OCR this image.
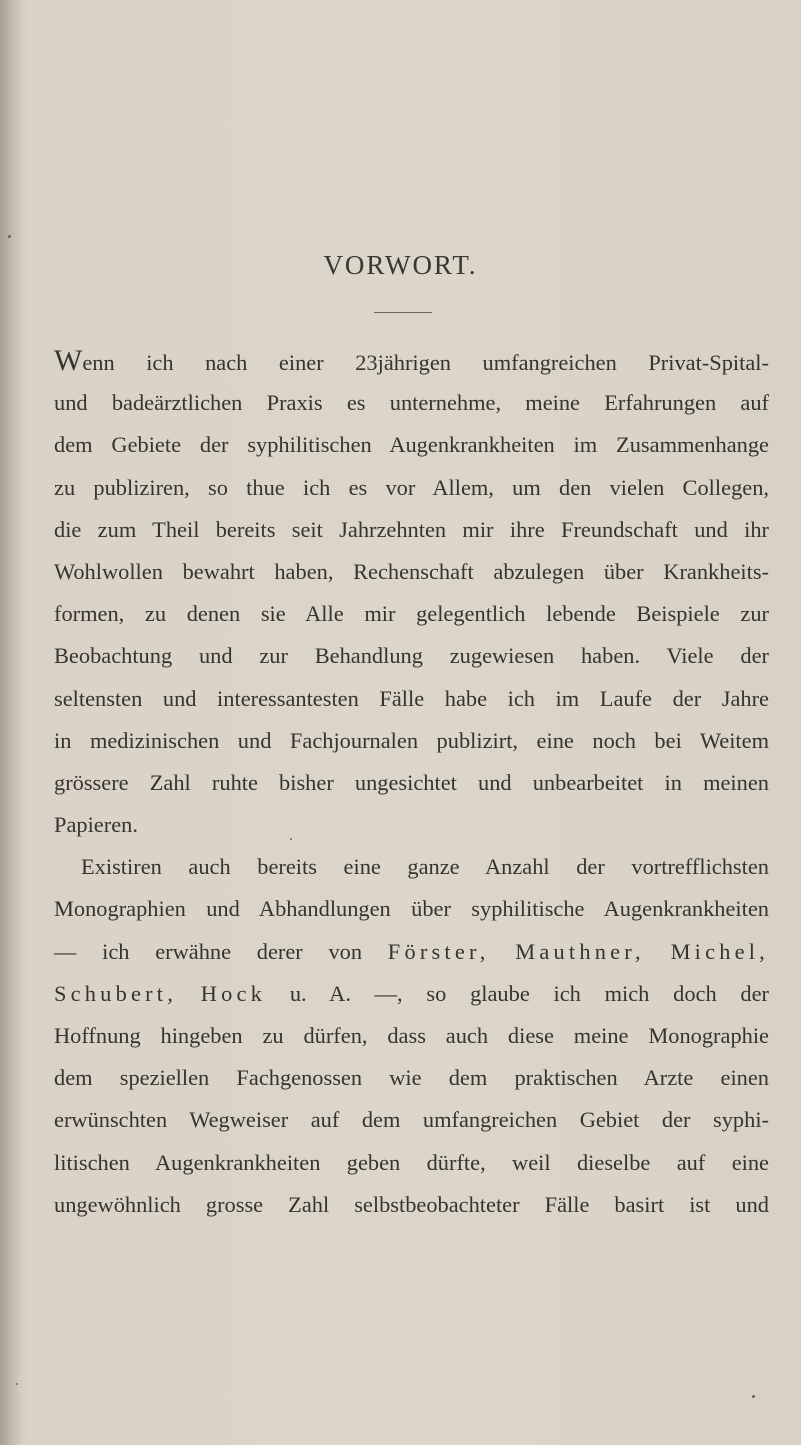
VORWORT.
Wenn ich nach einer 23jährigen umfangreichen Privat-Spital-
und badeärztlichen Praxis es unternehme, meine Erfahrungen auf
dem Gebiete der syphilitischen Augenkrankheiten im Zusammenhange
zu publiziren, so thue ich es vor Allem, um den vielen Collegen,
die zum Theil bereits seit Jahrzehnten mir ihre Freundschaft und ihr
Wohlwollen bewahrt haben, Rechenschaft abzulegen über Krankheits-
formen, zu denen sie Alle mir gelegentlich lebende Beispiele zur
Beobachtung und zur Behandlung zugewiesen haben. Viele der
seltensten und interessantesten Fälle habe ich im Laufe der Jahre
in medizinischen und Fachjournalen publizirt, eine noch bei Weitem
grössere Zahl ruhte bisher ungesichtet und unbearbeitet in meinen
Papieren.
Existiren auch bereits eine ganze Anzahl der vortrefflichsten
Monographien und Abhandlungen über syphilitische Augenkrankheiten
— ich erwähne derer von Förster, Mauthner, Michel,
Schubert, Hock u. A. —, so glaube ich mich doch der
Hoffnung hingeben zu dürfen, dass auch diese meine Monographie
dem speziellen Fachgenossen wie dem praktischen Arzte einen
erwünschten Wegweiser auf dem umfangreichen Gebiet der syphi-
litischen Augenkrankheiten geben dürfte, weil dieselbe auf eine
ungewöhnlich grosse Zahl selbstbeobachteter Fälle basirt ist und
